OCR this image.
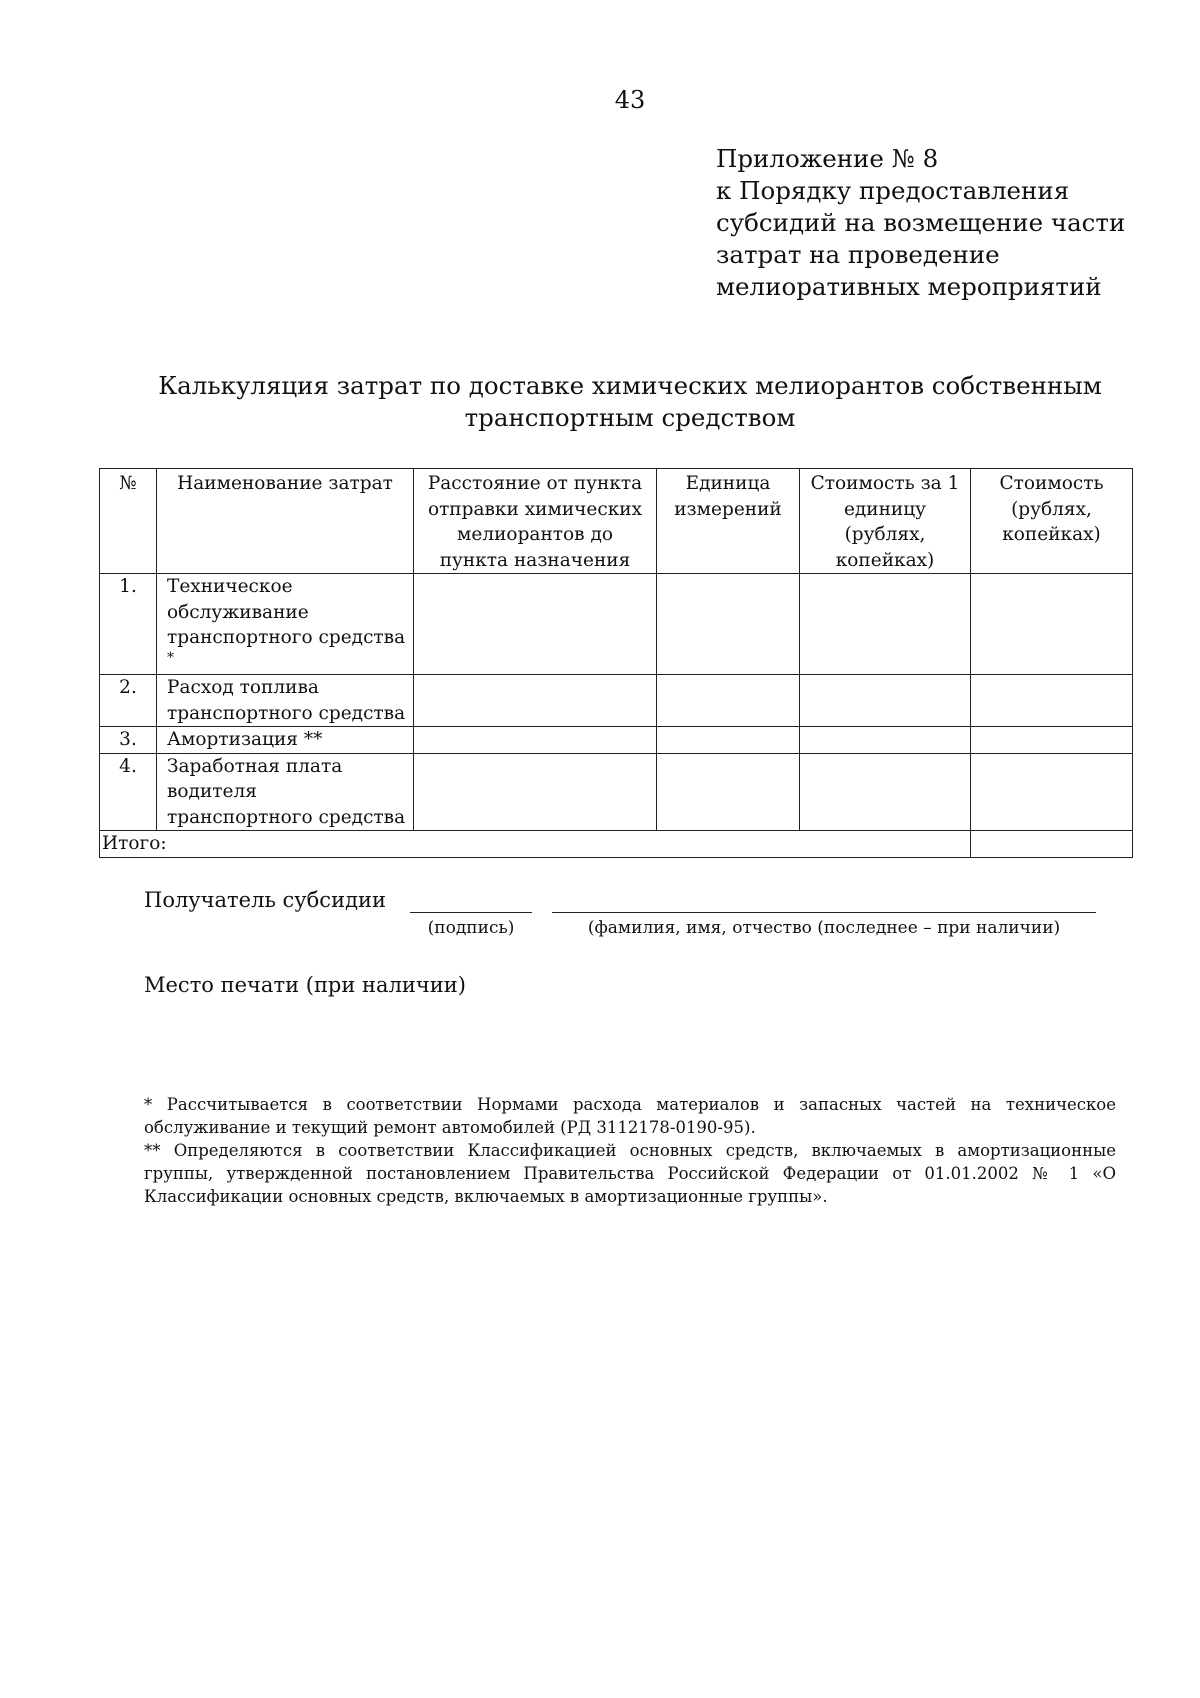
43
Приложение № 8
к Порядку предоставления
субсидий на возмещение части
затрат на проведение
мелиоративных мероприятий
Калькуляция затрат по доставке химических мелиорантов собственным
транспортным средством
№	Наименование затрат	Расстояние от пункта отправки химических мелиорантов до пункта назначения	Единица измерений	Стоимость за 1 единицу (рублях, копейках)	Стоимость (рублях, копейках)
1.	Техническое обслуживание транспортного средства
*				

2.	Расход топлива транспортного средства				
3.	Амортизация **				
4.	Заработная плата водителя транспортного средства				
Итого:					
Получатель субсидии
(подпись)	(фамилия, имя, отчество (последнее – при наличии)
Место печати (при наличии)

* Рассчитывается в соответствии Нормами расхода материалов и запасных частей на техническое обслуживание и текущий ремонт автомобилей (РД 3112178-0190-95).

** Определяются в соответствии Классификацией основных средств, включаемых в амортизационные группы, утвержденной постановлением Правительства Российской Федерации от 01.01.2002 № 1 «О Классификации основных средств, включаемых в амортизационные группы».
